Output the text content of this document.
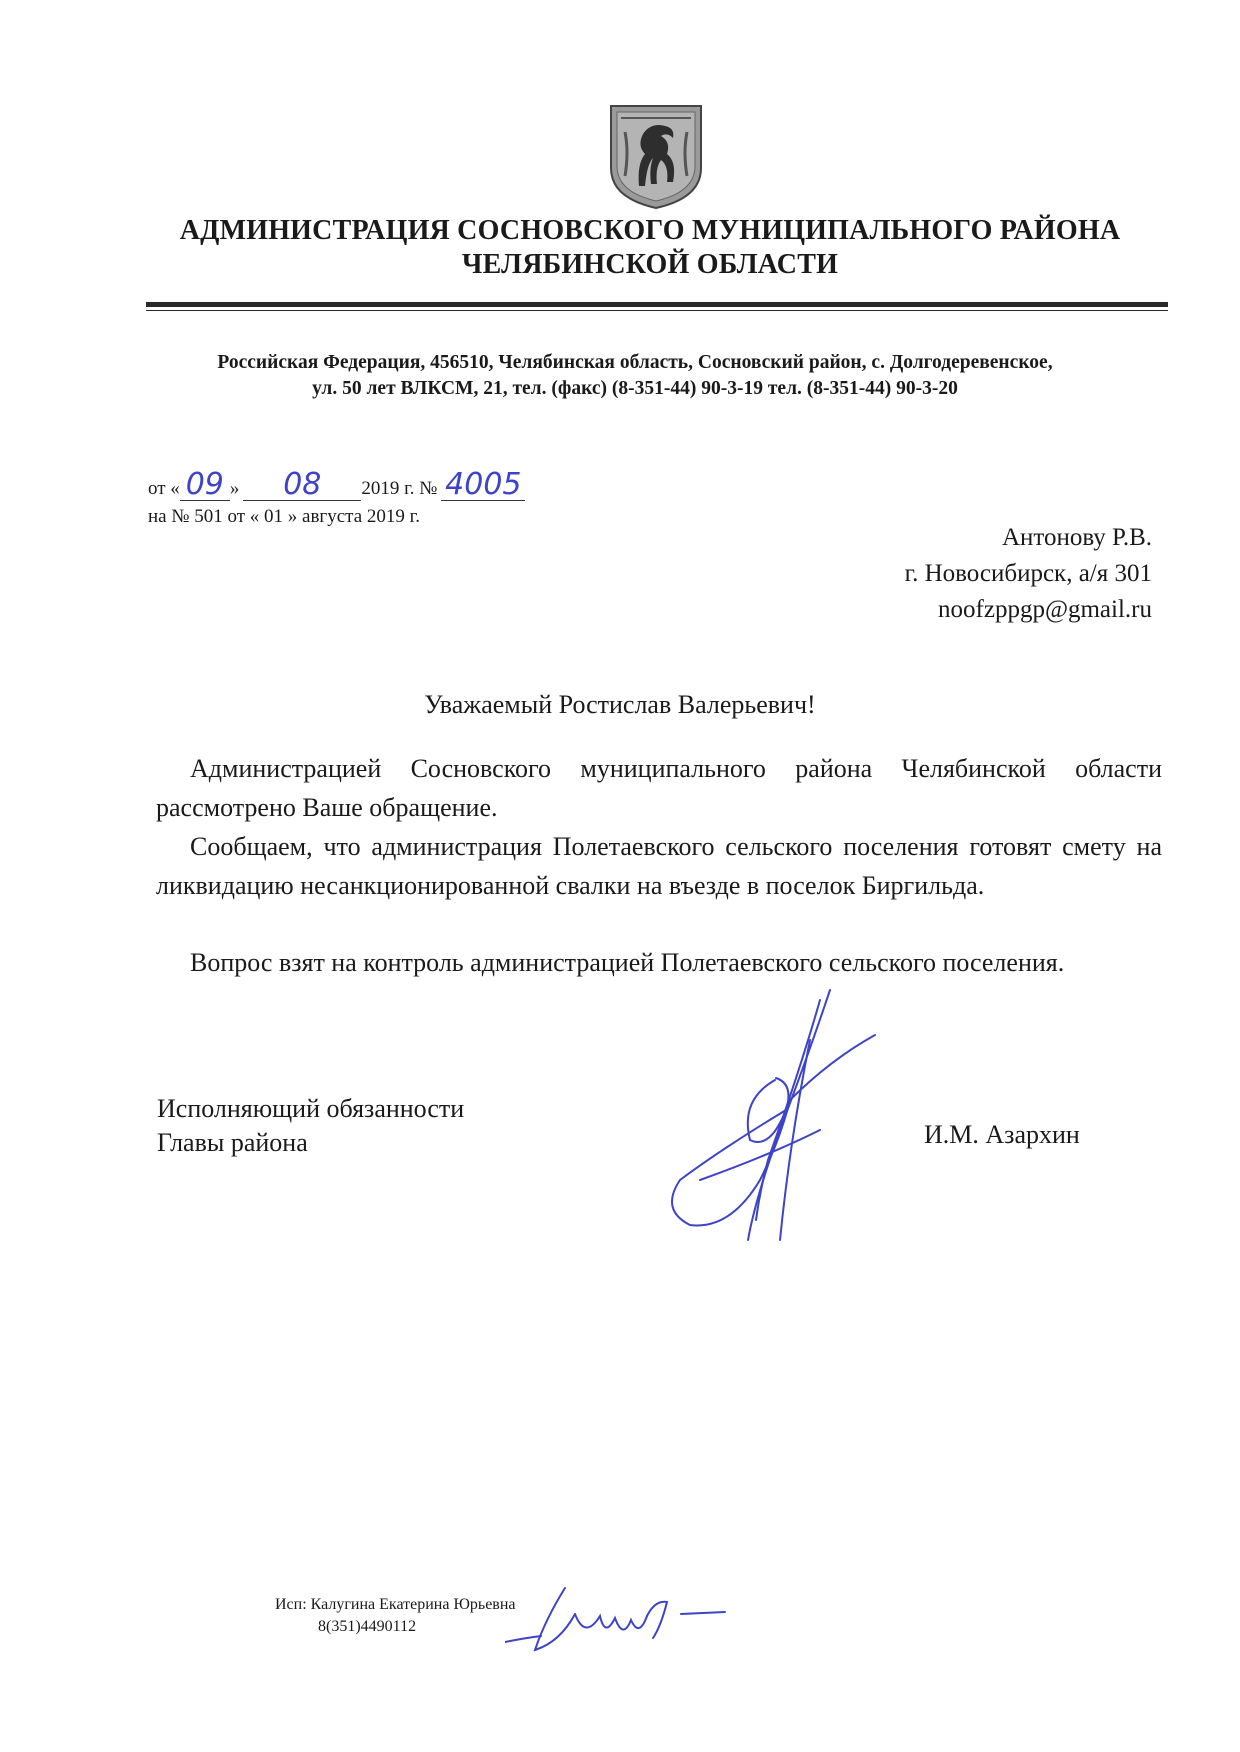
АДМИНИСТРАЦИЯ СОСНОВСКОГО МУНИЦИПАЛЬНОГО РАЙОНА
ЧЕЛЯБИНСКОЙ ОБЛАСТИ
Российская Федерация, 456510, Челябинская область, Сосновский район, с. Долгодеревенское,
ул. 50 лет ВЛКСМ, 21, тел. (факс) (8-351-44) 90-3-19 тел. (8-351-44) 90-3-20
от « 09 » 08 2019 г. № 4005
на № 501 от « 01 » августа 2019 г.
Антонову Р.В.
г. Новосибирск, а/я 301
noofzppgp@gmail.ru
Уважаемый Ростислав Валерьевич!

Администрацией Сосновского муниципального района Челябинской области рассмотрено Ваше обращение.

Сообщаем, что администрация Полетаевского сельского поселения готовят смету на ликвидацию несанкционированной свалки на въезде в поселок Биргильда.

Вопрос взят на контроль администрацией Полетаевского сельского поселения.

Исполняющий обязанности
Главы района	И.М. Азархин
Исп: Калугина Екатерина Юрьевна
8(351)4490112
